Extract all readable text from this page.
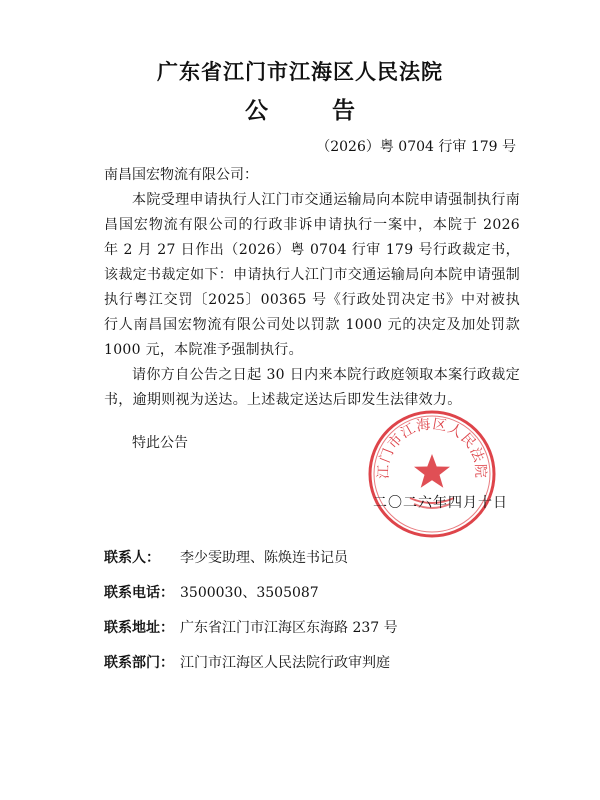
广东省江门市江海区人民法院
公 告
（2026）粤 0704 行审 179 号
南昌国宏物流有限公司：

本院受理申请执行人江门市交通运输局向本院申请强制执行南昌国宏物流有限公司的行政非诉申请执行一案中，本院于 2026 年 2 月 27 日作出（2026）粤 0704 行审 179 号行政裁定书，该裁定书裁定如下：申请执行人江门市交通运输局向本院申请强制执行粤江交罚〔2025〕00365 号《行政处罚决定书》中对被执行人南昌国宏物流有限公司处以罚款 1000 元的决定及加处罚款 1000 元，本院准予强制执行。

请你方自公告之日起 30 日内来本院行政庭领取本案行政裁定书，逾期则视为送达。上述裁定送达后即发生法律效力。

特此公告
江门市江海区人民法院
二〇二六年四月十日
联系人： 李少雯助理、陈焕连书记员
联系电话： 3500030、3505087
联系地址： 广东省江门市江海区东海路 237 号
联系部门： 江门市江海区人民法院行政审判庭
